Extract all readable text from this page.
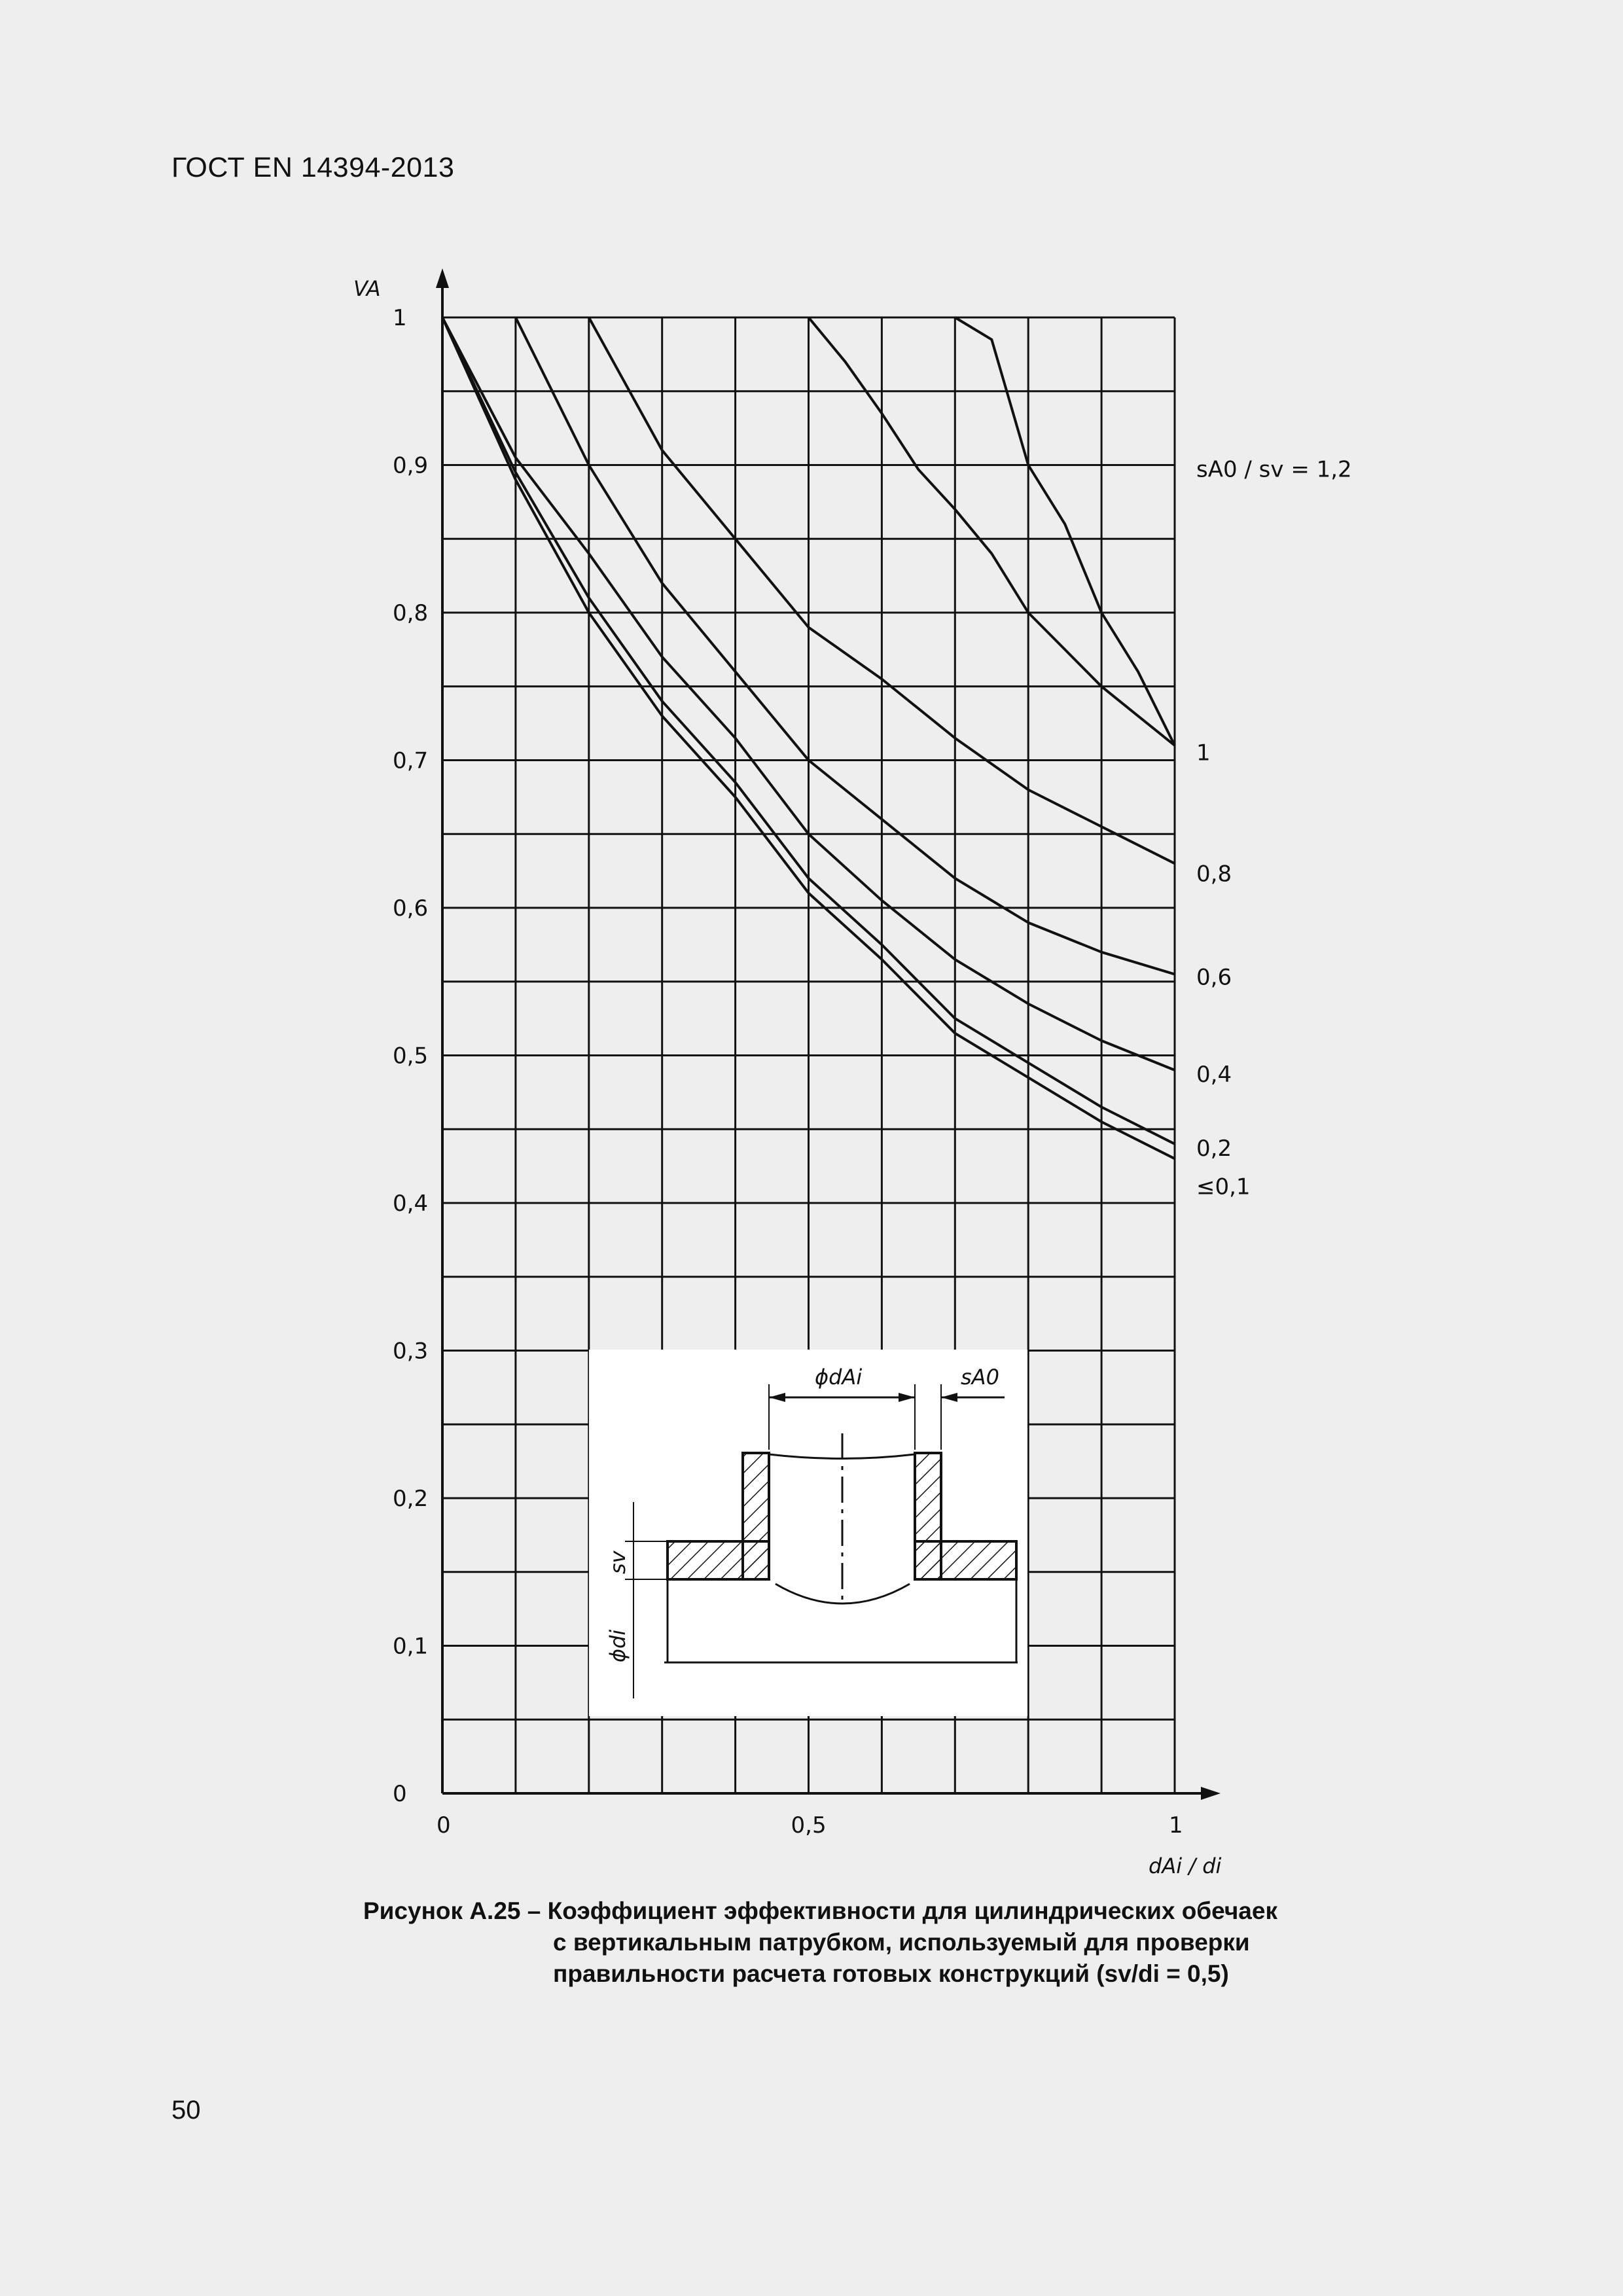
ГОСТ EN 14394-2013
0
0,1
0,2
0,3
0,4
0,5
0,6
0,7
0,8
0,9
1
0	0,5	1
sA0 / sv = 1,2
1
0,8
0,6
0,4
0,2
≤0,1
VA
dAi / di
ϕdAi	sA0
sv
ϕdi
Рисунок А.25 – Коэффициент эффективности для цилиндрических обечаек
с вертикальным патрубком, используемый для проверки
правильности расчета готовых конструкций (sv/di = 0,5)
50
